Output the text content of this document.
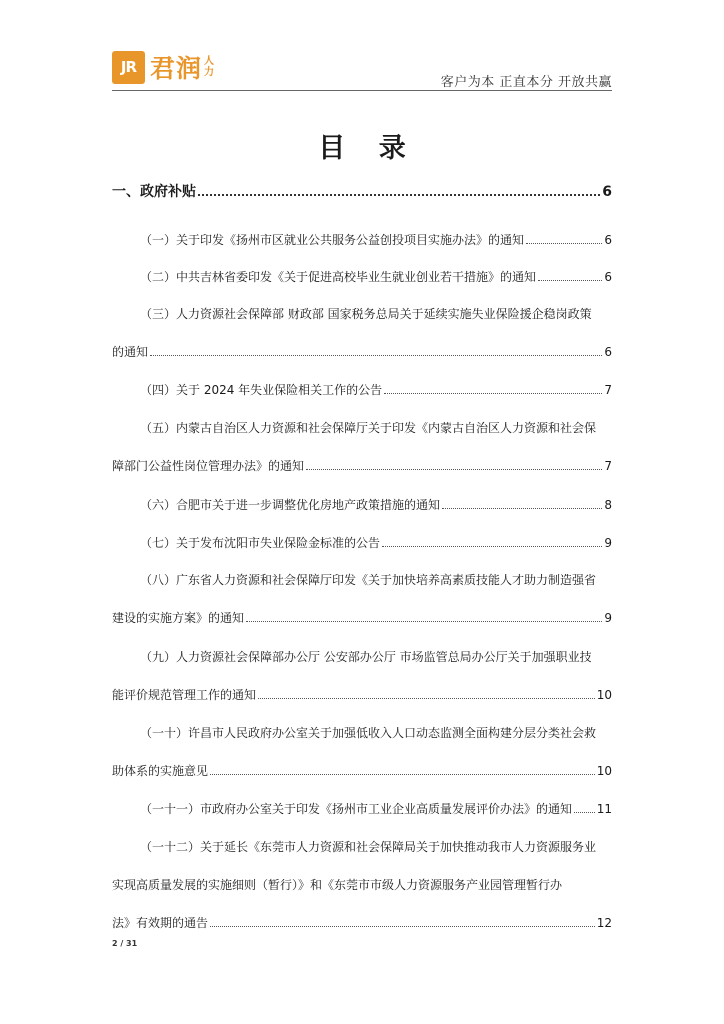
JR 君润 人
力
客户为本 正直本分 开放共赢
目 录
一、政府补贴	6
（一）关于印发《扬州市区就业公共服务公益创投项目实施办法》的通知	6
（二）中共吉林省委印发《关于促进高校毕业生就业创业若干措施》的通知	6
（三）人力资源社会保障部 财政部 国家税务总局关于延续实施失业保险援企稳岗政策
的通知	6
（四）关于 2024 年失业保险相关工作的公告	7
（五）内蒙古自治区人力资源和社会保障厅关于印发《内蒙古自治区人力资源和社会保
障部门公益性岗位管理办法》的通知	7
（六）合肥市关于进一步调整优化房地产政策措施的通知	8
（七）关于发布沈阳市失业保险金标准的公告	9
（八）广东省人力资源和社会保障厅印发《关于加快培养高素质技能人才助力制造强省
建设的实施方案》的通知	9
（九）人力资源社会保障部办公厅 公安部办公厅 市场监管总局办公厅关于加强职业技
能评价规范管理工作的通知	10
（一十）许昌市人民政府办公室关于加强低收入人口动态监测全面构建分层分类社会救
助体系的实施意见	10
（一十一）市政府办公室关于印发《扬州市工业企业高质量发展评价办法》的通知 11
（一十二）关于延长《东莞市人力资源和社会保障局关于加快推动我市人力资源服务业
实现高质量发展的实施细则（暂行）》和《东莞市市级人力资源服务产业园管理暂行办
法》有效期的通告	12
2 / 31
